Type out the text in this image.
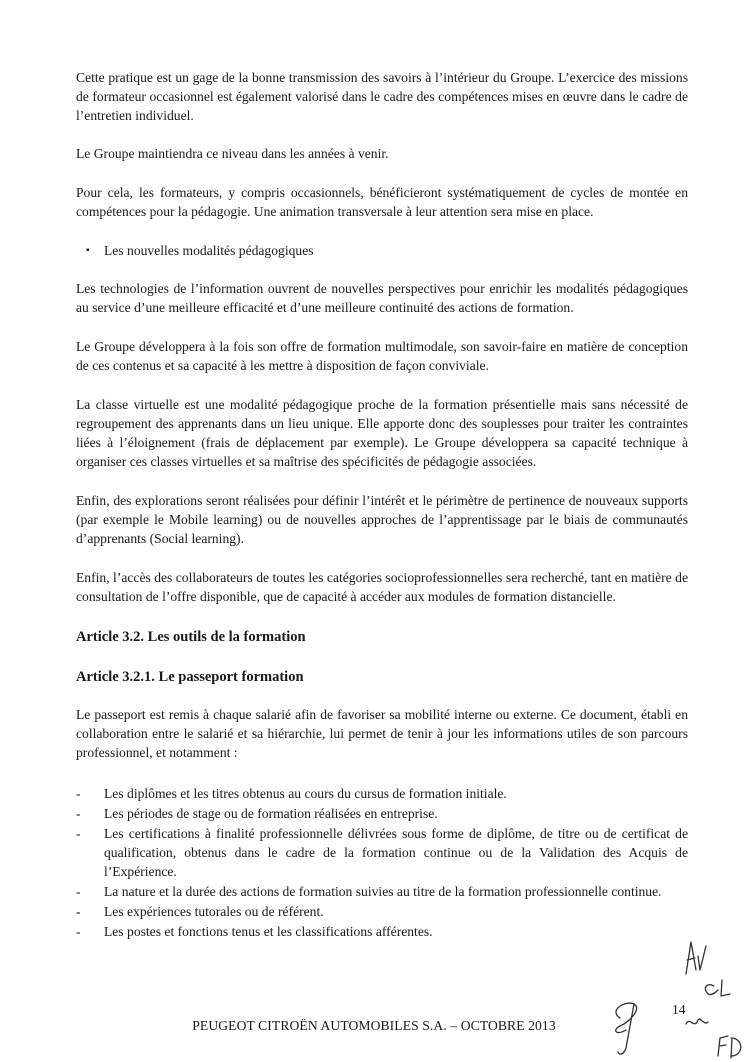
Cette pratique est un gage de la bonne transmission des savoirs à l’intérieur du Groupe. L’exercice des missions de formateur occasionnel est également valorisé dans le cadre des compétences mises en œuvre dans le cadre de l’entretien individuel.

Le Groupe maintiendra ce niveau dans les années à venir.

Pour cela, les formateurs, y compris occasionnels, bénéficieront systématiquement de cycles de montée en compétences pour la pédagogie. Une animation transversale à leur attention sera mise en place.

▪	Les nouvelles modalités pédagogiques

Les technologies de l’information ouvrent de nouvelles perspectives pour enrichir les modalités pédagogiques au service d’une meilleure efficacité et d’une meilleure continuité des actions de formation.

Le Groupe développera à la fois son offre de formation multimodale, son savoir-faire en matière de conception de ces contenus et sa capacité à les mettre à disposition de façon conviviale.

La classe virtuelle est une modalité pédagogique proche de la formation présentielle mais sans nécessité de regroupement des apprenants dans un lieu unique. Elle apporte donc des souplesses pour traiter les contraintes liées à l’éloignement (frais de déplacement par exemple). Le Groupe développera sa capacité technique à organiser ces classes virtuelles et sa maîtrise des spécificités de pédagogie associées.

Enfin, des explorations seront réalisées pour définir l’intérêt et le périmètre de pertinence de nouveaux supports (par exemple le Mobile learning) ou de nouvelles approches de l’apprentissage par le biais de communautés d’apprenants (Social learning).

Enfin, l’accès des collaborateurs de toutes les catégories socioprofessionnelles sera recherché, tant en matière de consultation de l’offre disponible, que de capacité à accéder aux modules de formation distancielle.

Article 3.2. Les outils de la formation
Article 3.2.1. Le passeport formation

Le passeport est remis à chaque salarié afin de favoriser sa mobilité interne ou externe. Ce document, établi en collaboration entre le salarié et sa hiérarchie, lui permet de tenir à jour les informations utiles de son parcours professionnel, et notamment :

-	Les diplômes et les titres obtenus au cours du cursus de formation initiale.
-	Les périodes de stage ou de formation réalisées en entreprise.
-	Les certifications à finalité professionnelle délivrées sous forme de diplôme, de titre ou de certificat de qualification, obtenus dans le cadre de la formation continue ou de la Validation des Acquis de l’Expérience.
-	La nature et la durée des actions de formation suivies au titre de la formation professionnelle continue.
-	Les expériences tutorales ou de référent.
-	Les postes et fonctions tenus et les classifications afférentes.
14
PEUGEOT CITROËN AUTOMOBILES S.A. – OCTOBRE 2013
